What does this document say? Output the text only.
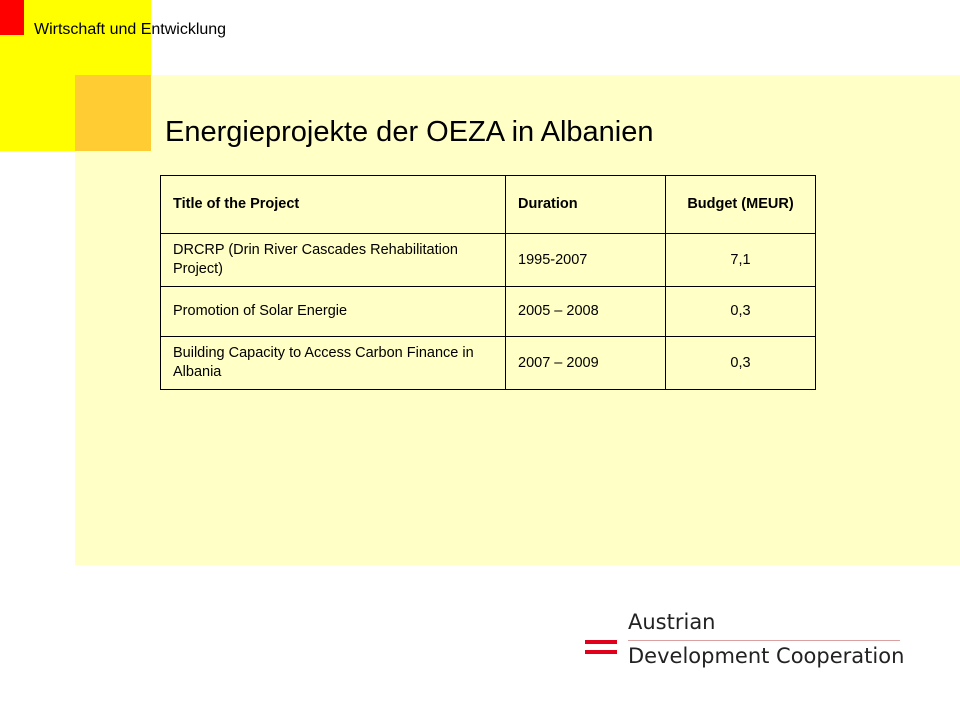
Wirtschaft und Entwicklung
Energieprojekte der OEZA in Albanien
Title of the Project	Duration	Budget (MEUR)
DRCRP (Drin River Cascades Rehabilitation Project)	1995-2007	7,1
Promotion of Solar Energie	2005 – 2008	0,3
Building Capacity to Access Carbon Finance in Albania	2007 – 2009	0,3
Austrian
Development Cooperation
